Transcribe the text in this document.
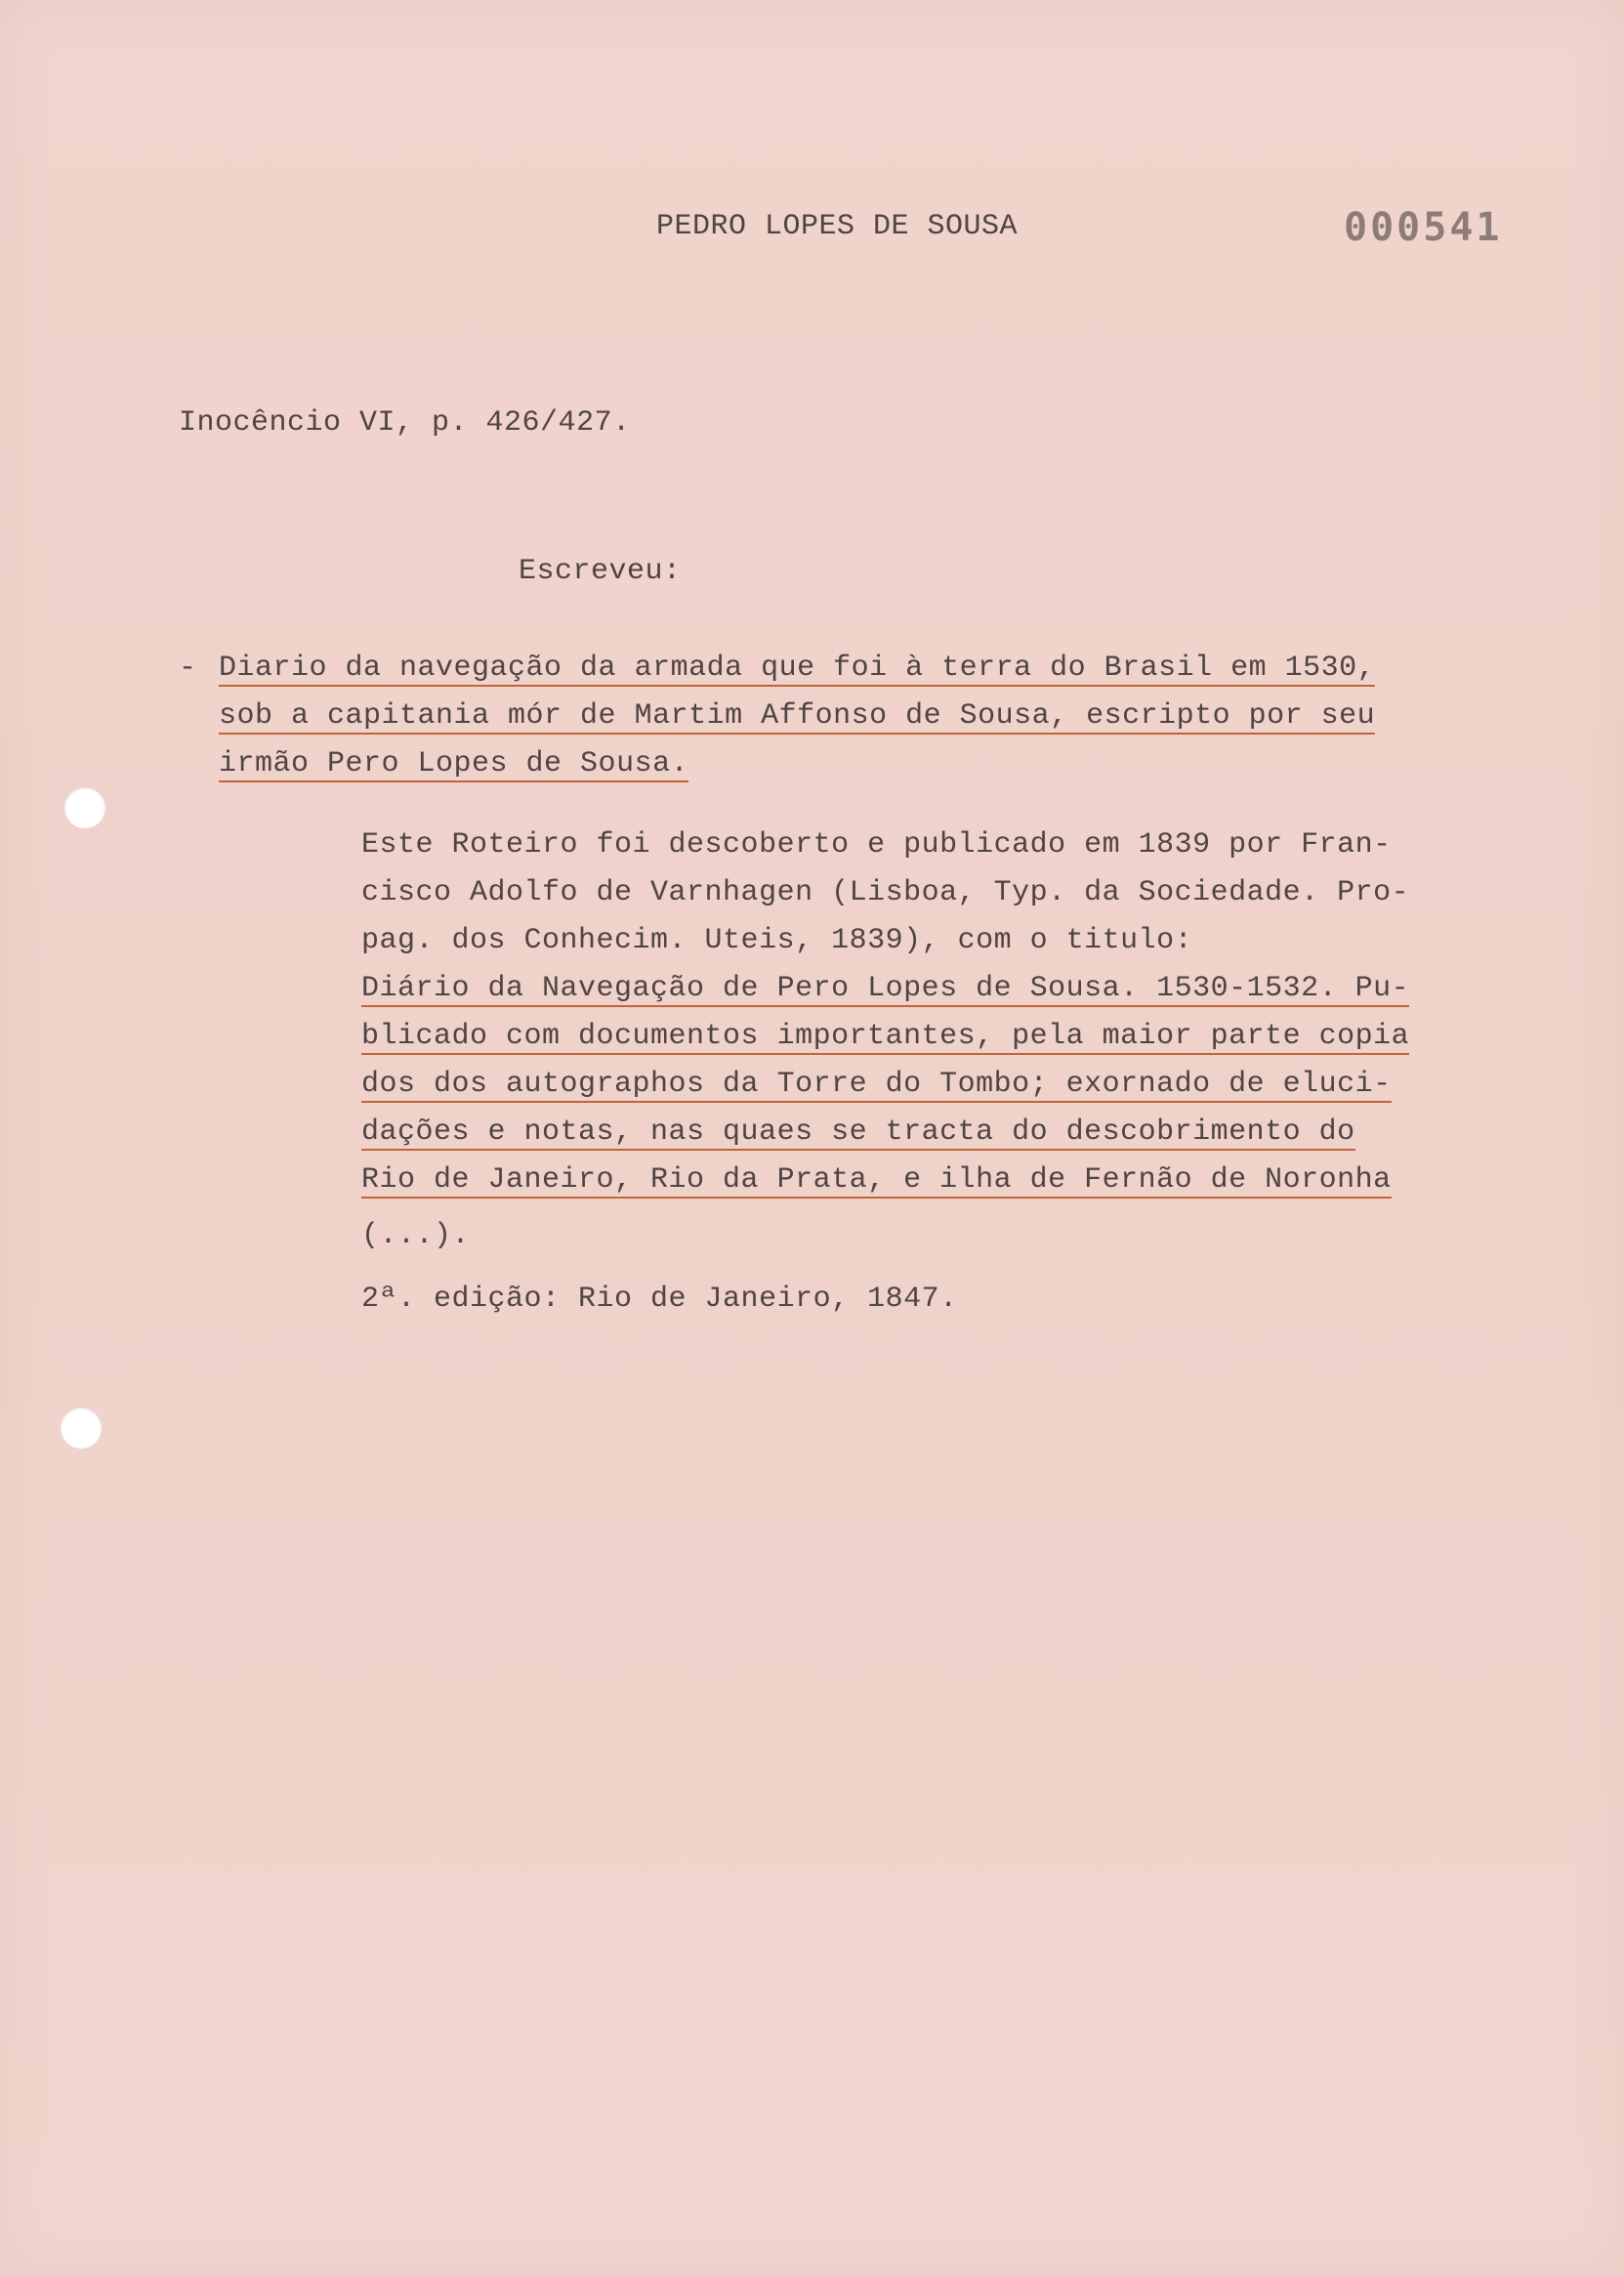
PEDRO LOPES DE SOUSA	000541
Inocêncio VI, p. 426/427.
Escreveu:
- Diario da navegação da armada que foi à terra do Brasil em 1530,
sob a capitania mór de Martim Affonso de Sousa, escripto por seu
irmão Pero Lopes de Sousa.
Este Roteiro foi descoberto e publicado em 1839 por Fran-
cisco Adolfo de Varnhagen (Lisboa, Typ. da Sociedade. Pro-
pag. dos Conhecim. Uteis, 1839), com o titulo:
Diário da Navegação de Pero Lopes de Sousa. 1530-1532. Pu-
blicado com documentos importantes, pela maior parte copia
dos dos autographos da Torre do Tombo; exornado de eluci-
dações e notas, nas quaes se tracta do descobrimento do
Rio de Janeiro, Rio da Prata, e ilha de Fernão de Noronha
(...).
2ª. edição: Rio de Janeiro, 1847.
